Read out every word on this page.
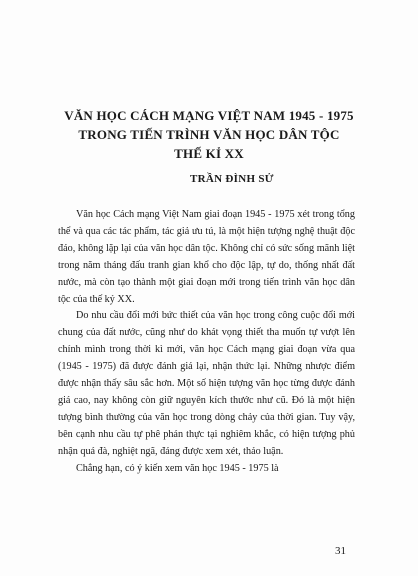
VĂN HỌC CÁCH MẠNG VIỆT NAM 1945 - 1975
TRONG TIẾN TRÌNH VĂN HỌC DÂN TỘC
THẾ KỈ XX
TRẦN ĐÌNH SỬ

Văn học Cách mạng Việt Nam giai đoạn 1945 - 1975 xét trong tổng thể và qua các tác phẩm, tác giả ưu tú, là một hiện tượng nghệ thuật độc đáo, không lặp lại của văn học dân tộc. Không chỉ có sức sống mãnh liệt trong năm tháng đấu tranh gian khổ cho độc lập, tự do, thống nhất đất nước, mà còn tạo thành một giai đoạn mới trong tiến trình văn học dân tộc của thế kỷ XX.

Do nhu cầu đổi mới bức thiết của văn học trong công cuộc đổi mới chung của đất nước, cũng như do khát vọng thiết tha muốn tự vượt lên chính mình trong thời kì mới, văn học Cách mạng giai đoạn vừa qua (1945 - 1975) đã được đánh giá lại, nhận thức lại. Những nhược điểm được nhận thấy sâu sắc hơn. Một số hiện tượng văn học từng được đánh giá cao, nay không còn giữ nguyên kích thước như cũ. Đó là một hiện tượng bình thường của văn học trong dòng chảy của thời gian. Tuy vậy, bên cạnh nhu cầu tự phê phán thực tại nghiêm khắc, có hiện tượng phủ nhận quá đà, nghiệt ngã, đáng được xem xét, thảo luận.

Chẳng hạn, có ý kiến xem văn học 1945 - 1975 là

31
